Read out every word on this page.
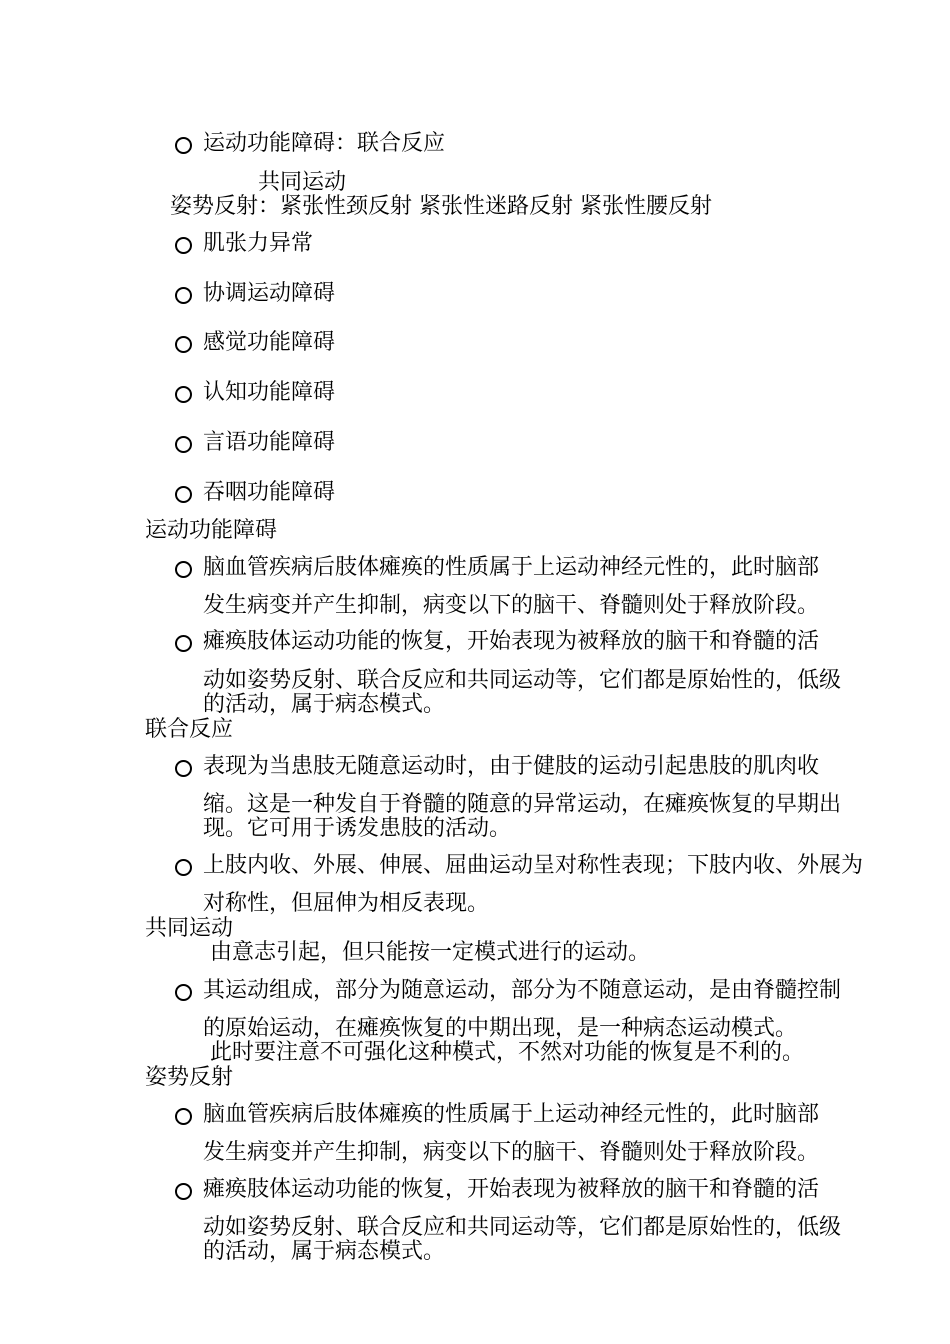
运动功能障碍：联合反应
共同运动
姿势反射：紧张性颈反射 紧张性迷路反射 紧张性腰反射
肌张力异常
协调运动障碍
感觉功能障碍
认知功能障碍
言语功能障碍
吞咽功能障碍
运动功能障碍
脑血管疾病后肢体瘫痪的性质属于上运动神经元性的，此时脑部
发生病变并产生抑制，病变以下的脑干、脊髓则处于释放阶段。
瘫痪肢体运动功能的恢复，开始表现为被释放的脑干和脊髓的活
动如姿势反射、联合反应和共同运动等，它们都是原始性的，低级
的活动，属于病态模式。
联合反应
表现为当患肢无随意运动时，由于健肢的运动引起患肢的肌肉收
缩。这是一种发自于脊髓的随意的异常运动，在瘫痪恢复的早期出
现。它可用于诱发患肢的活动。
上肢内收、外展、伸展、屈曲运动呈对称性表现；下肢内收、外展为
对称性，但屈伸为相反表现。
共同运动
由意志引起，但只能按一定模式进行的运动。
其运动组成，部分为随意运动，部分为不随意运动，是由脊髓控制
的原始运动，在瘫痪恢复的中期出现，是一种病态运动模式。
此时要注意不可强化这种模式，不然对功能的恢复是不利的。
姿势反射
脑血管疾病后肢体瘫痪的性质属于上运动神经元性的，此时脑部
发生病变并产生抑制，病变以下的脑干、脊髓则处于释放阶段。
瘫痪肢体运动功能的恢复，开始表现为被释放的脑干和脊髓的活
动如姿势反射、联合反应和共同运动等，它们都是原始性的，低级
的活动，属于病态模式。
